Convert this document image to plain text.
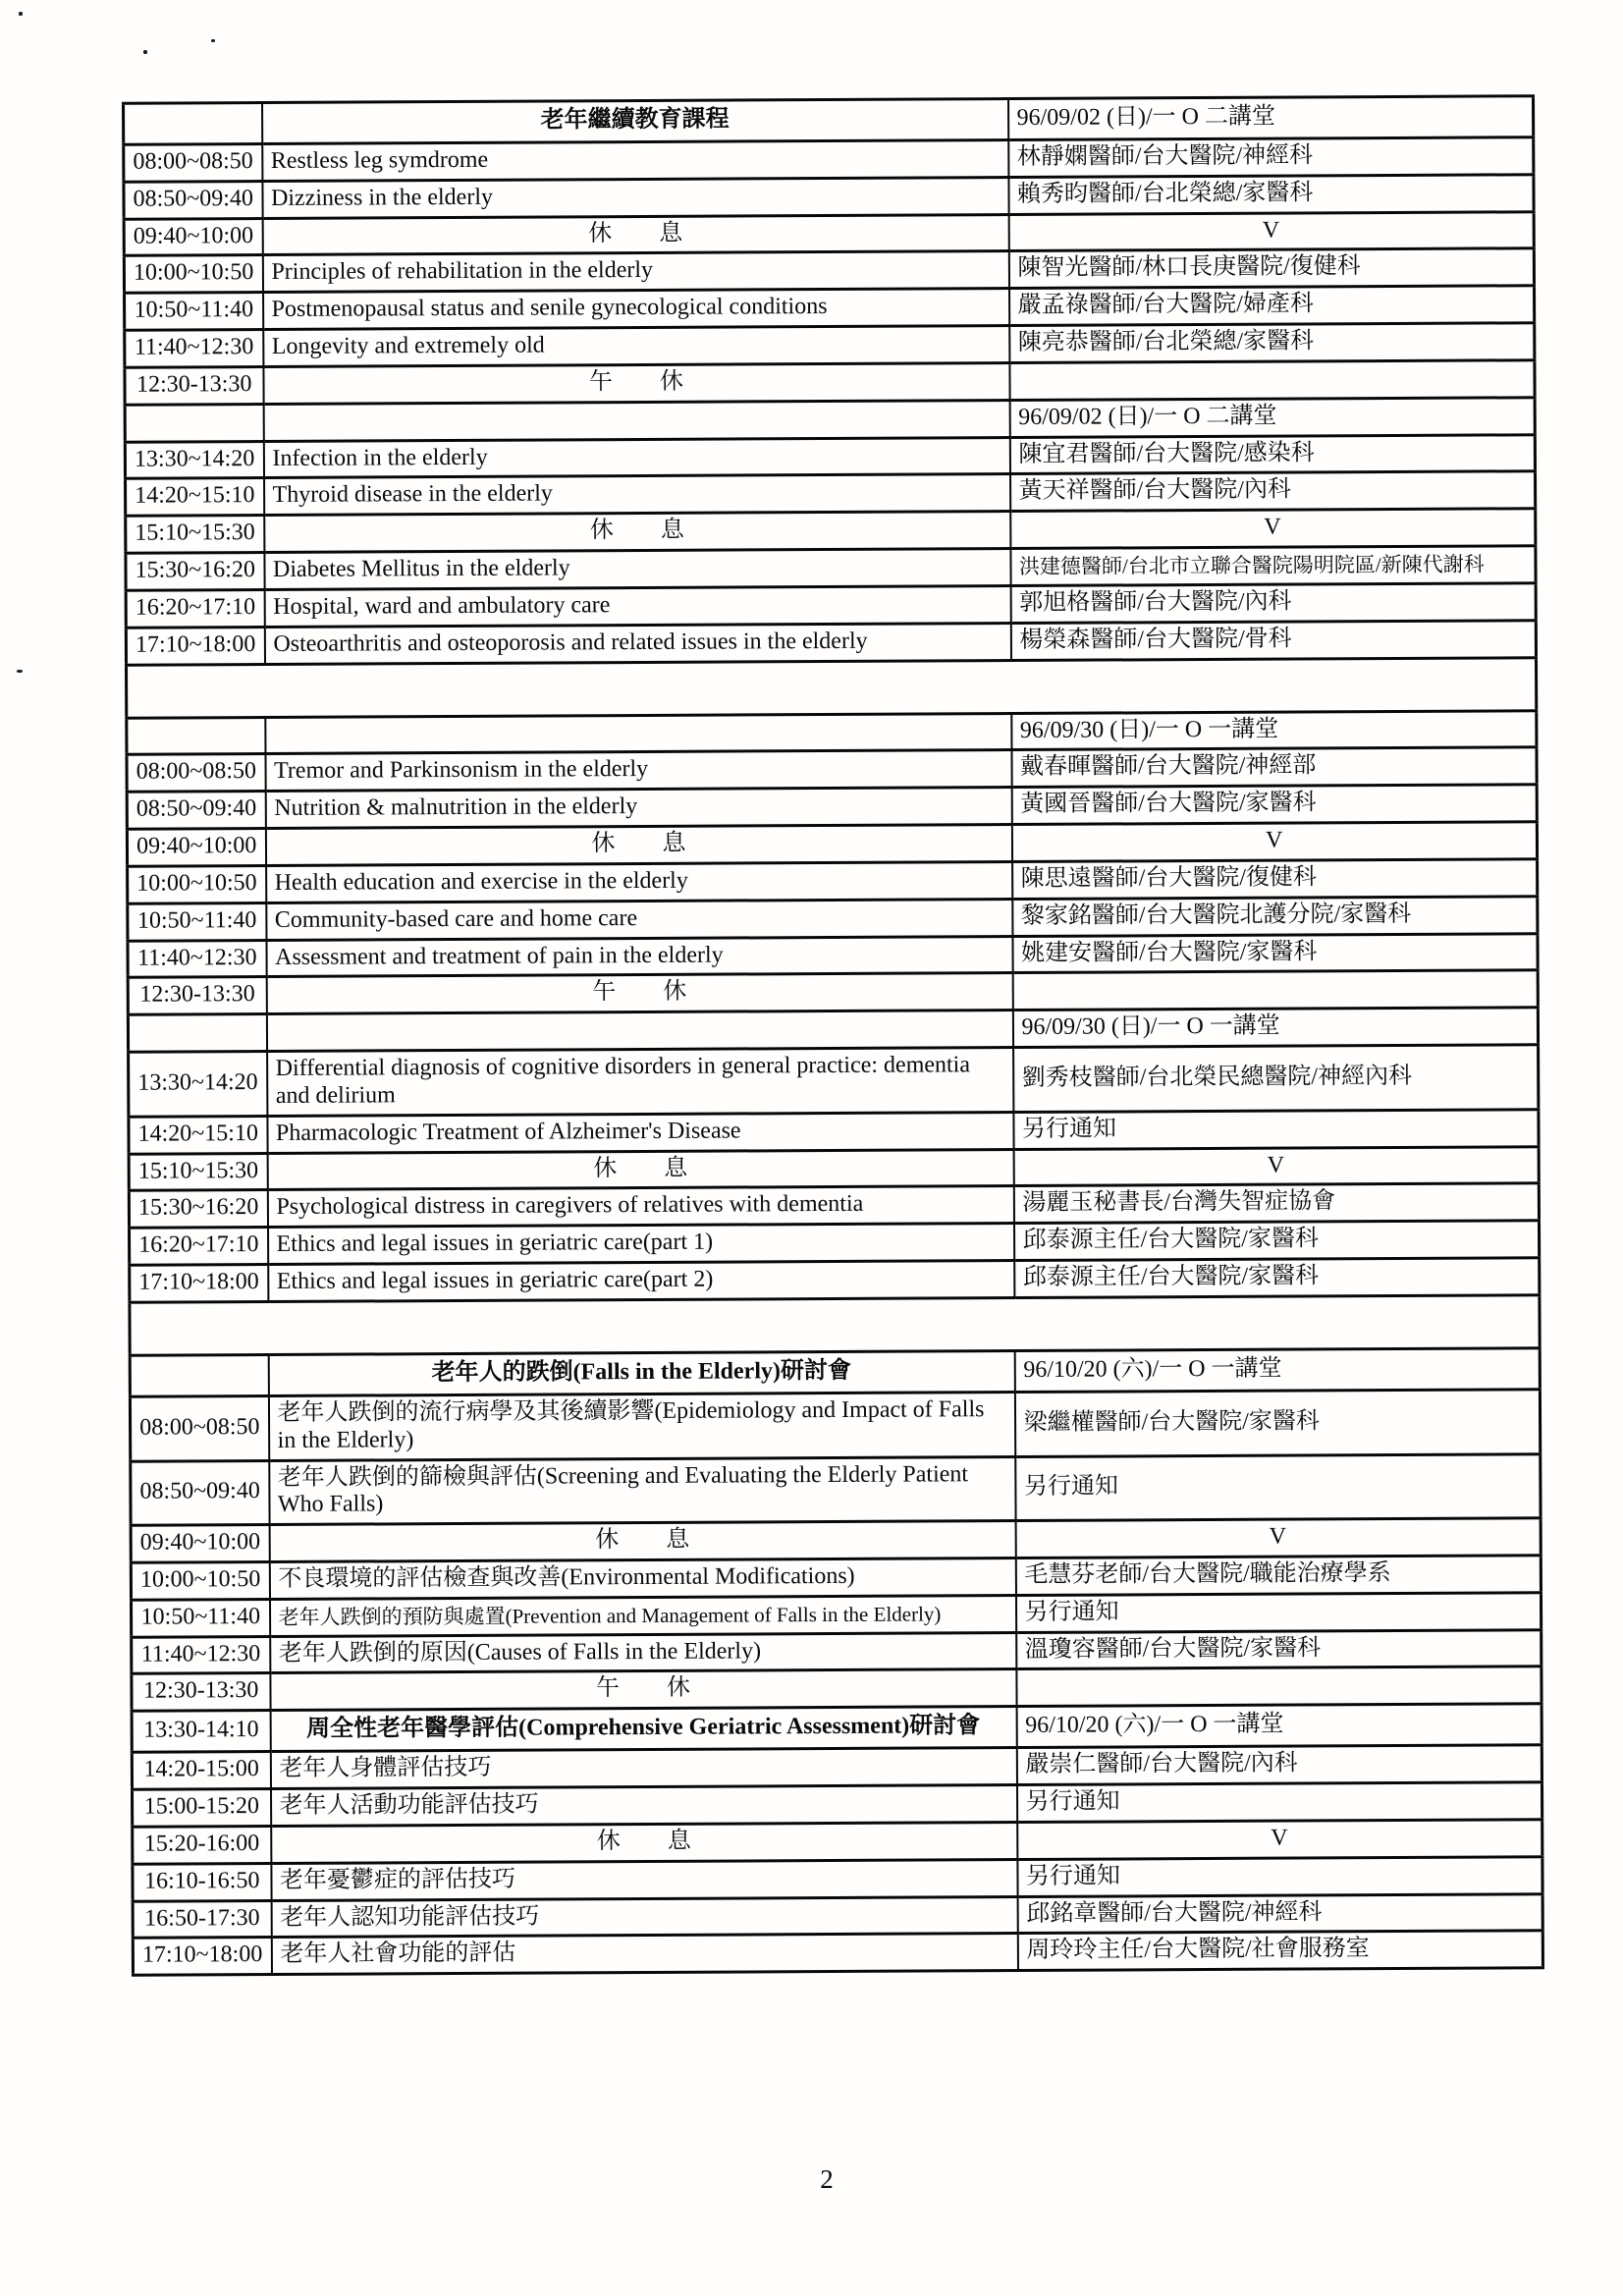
	老年繼續教育課程	96/09/02 (日)/一 O 二講堂
08:00~08:50	Restless leg symdrome	林靜嫻醫師/台大醫院/神經科
08:50~09:40	Dizziness in the elderly	賴秀昀醫師/台北榮總/家醫科
09:40~10:00	休　　息	V
10:00~10:50	Principles of rehabilitation in the elderly	陳智光醫師/林口長庚醫院/復健科
10:50~11:40	Postmenopausal status and senile gynecological conditions	嚴孟祿醫師/台大醫院/婦產科
11:40~12:30	Longevity and extremely old	陳亮恭醫師/台北榮總/家醫科
12:30-13:30	午　　休	
		96/09/02 (日)/一 O 二講堂
13:30~14:20	Infection in the elderly	陳宜君醫師/台大醫院/感染科
14:20~15:10	Thyroid disease in the elderly	黃天祥醫師/台大醫院/內科
15:10~15:30	休　　息	V
15:30~16:20	Diabetes Mellitus in the elderly	洪建德醫師/台北市立聯合醫院陽明院區/新陳代謝科
16:20~17:10	Hospital, ward and ambulatory care	郭旭格醫師/台大醫院/內科
17:10~18:00	Osteoarthritis and osteoporosis and related issues in the elderly	楊榮森醫師/台大醫院/骨科

		96/09/30 (日)/一 O 一講堂
08:00~08:50	Tremor and Parkinsonism in the elderly	戴春暉醫師/台大醫院/神經部
08:50~09:40	Nutrition & malnutrition in the elderly	黃國晉醫師/台大醫院/家醫科
09:40~10:00	休　　息	V
10:00~10:50	Health education and exercise in the elderly	陳思遠醫師/台大醫院/復健科
10:50~11:40	Community-based care and home care	黎家銘醫師/台大醫院北護分院/家醫科
11:40~12:30	Assessment and treatment of pain in the elderly	姚建安醫師/台大醫院/家醫科
12:30-13:30	午　　休	
		96/09/30 (日)/一 O 一講堂
13:30~14:20	Differential diagnosis of cognitive disorders in general practice: dementia and delirium	劉秀枝醫師/台北榮民總醫院/神經內科
14:20~15:10	Pharmacologic Treatment of Alzheimer's Disease	另行通知
15:10~15:30	休　　息	V
15:30~16:20	Psychological distress in caregivers of relatives with dementia	湯麗玉秘書長/台灣失智症協會
16:20~17:10	Ethics and legal issues in geriatric care(part 1)	邱泰源主任/台大醫院/家醫科
17:10~18:00	Ethics and legal issues in geriatric care(part 2)	邱泰源主任/台大醫院/家醫科

	老年人的跌倒(Falls in the Elderly)研討會	96/10/20 (六)/一 O 一講堂
08:00~08:50	老年人跌倒的流行病學及其後續影響(Epidemiology and Impact of Falls in the Elderly)	梁繼權醫師/台大醫院/家醫科
08:50~09:40	老年人跌倒的篩檢與評估(Screening and Evaluating the Elderly Patient Who Falls)	另行通知
09:40~10:00	休　　息	V
10:00~10:50	不良環境的評估檢查與改善(Environmental Modifications)	毛慧芬老師/台大醫院/職能治療學系
10:50~11:40	老年人跌倒的預防與處置(Prevention and Management of Falls in the Elderly)	另行通知
11:40~12:30	老年人跌倒的原因(Causes of Falls in the Elderly)	溫瓊容醫師/台大醫院/家醫科
12:30-13:30	午　　休	
13:30-14:10	周全性老年醫學評估(Comprehensive Geriatric Assessment)研討會	96/10/20 (六)/一 O 一講堂
14:20-15:00	老年人身體評估技巧	嚴崇仁醫師/台大醫院/內科
15:00-15:20	老年人活動功能評估技巧	另行通知
15:20-16:00	休　　息	V
16:10-16:50	老年憂鬱症的評估技巧	另行通知
16:50-17:30	老年人認知功能評估技巧	邱銘章醫師/台大醫院/神經科
17:10~18:00	老年人社會功能的評估	周玲玲主任/台大醫院/社會服務室
2
